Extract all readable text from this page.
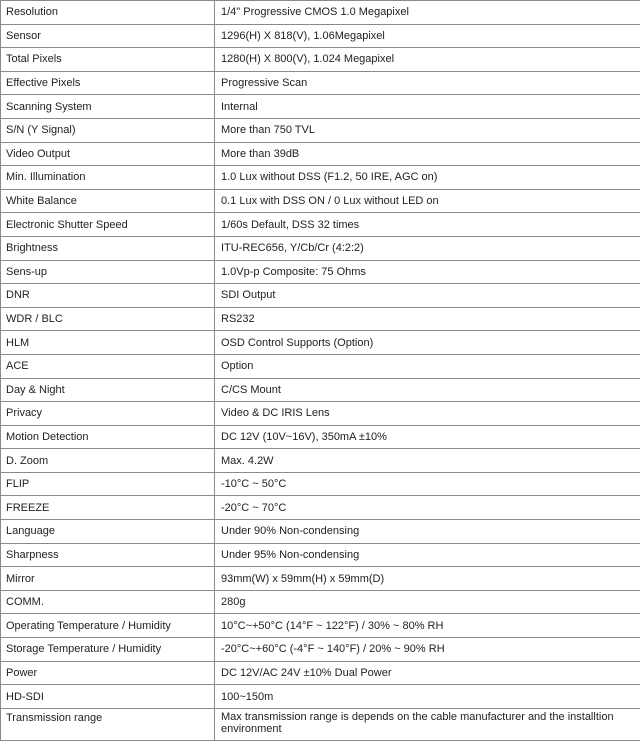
Resolution	1/4" Progressive CMOS 1.0 Megapixel
Sensor	1296(H) X 818(V), 1.06Megapixel
Total Pixels	1280(H) X 800(V), 1.024 Megapixel
Effective Pixels	Progressive Scan
Scanning System	Internal
S/N (Y Signal)	More than 750 TVL
Video Output	More than 39dB
Min. Illumination	1.0 Lux without DSS (F1.2, 50 IRE, AGC on)
White Balance	0.1 Lux with DSS ON / 0 Lux without LED on
Electronic Shutter Speed	1/60s Default, DSS 32 times
Brightness	ITU-REC656, Y/Cb/Cr (4:2:2)
Sens-up	1.0Vp-p Composite: 75 Ohms
DNR	SDI Output
WDR / BLC	RS232
HLM	OSD Control Supports (Option)
ACE	Option
Day & Night	C/CS Mount
Privacy	Video & DC IRIS Lens
Motion Detection	DC 12V (10V~16V), 350mA ±10%
D. Zoom	Max. 4.2W
FLIP	-10°C ~ 50°C
FREEZE	-20°C ~ 70°C
Language	Under 90% Non-condensing
Sharpness	Under 95% Non-condensing
Mirror	93mm(W) x 59mm(H) x 59mm(D)
COMM.	280g
Operating Temperature / Humidity	10°C~+50°C (14°F ~ 122°F) / 30% ~ 80% RH
Storage Temperature / Humidity	-20°C~+60°C (-4°F ~ 140°F) / 20% ~ 90% RH
Power	DC 12V/AC 24V ±10% Dual Power
HD-SDI	100~150m
Transmission range	Max transmission range is depends on the cable manufacturer and the installtion environment
